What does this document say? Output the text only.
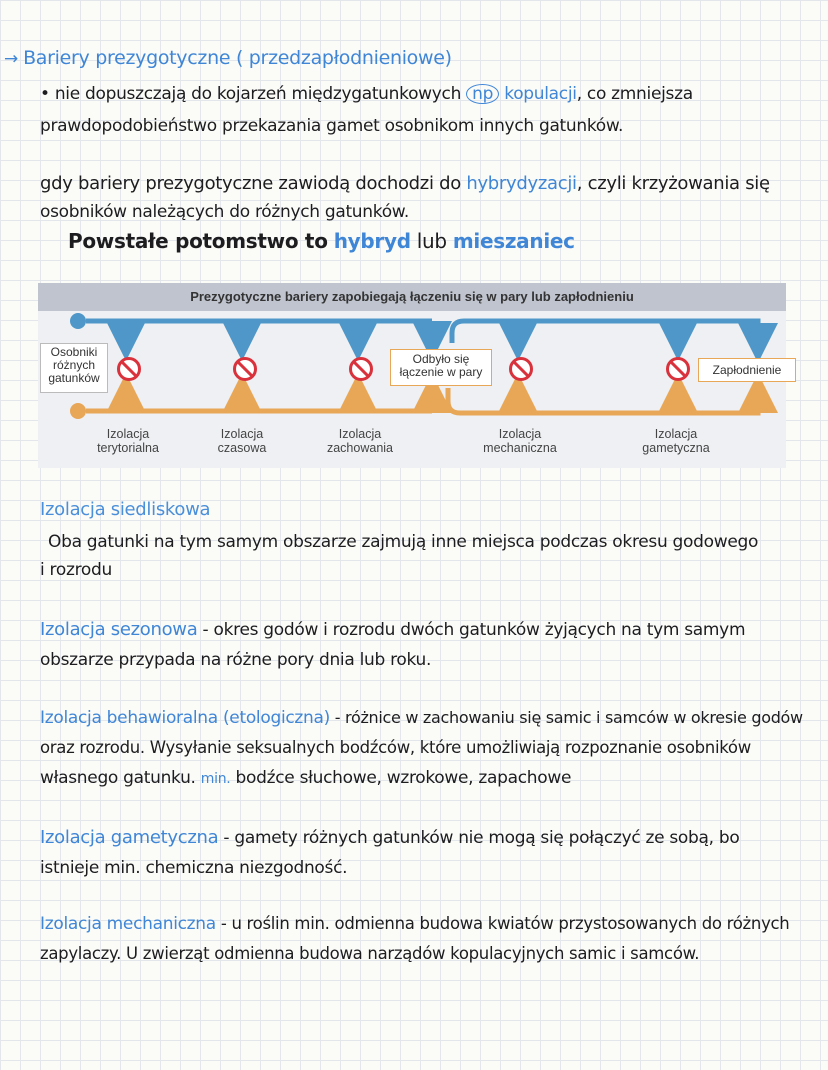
→ Bariery prezygotyczne ( przedzapłodnieniowe)
• nie dopuszczają do kojarzeń międzygatunkowych np kopulacji, co zmniejsza
prawdopodobieństwo przekazania gamet osobnikom innych gatunków.
gdy bariery prezygotyczne zawiodą dochodzi do hybrydyzacji, czyli krzyżowania się
osobników należących do różnych gatunków.
Powstałe potomstwo to hybryd lub mieszaniec
Prezygotyczne bariery zapobiegają łączeniu się w pary lub zapłodnieniu
Osobniki różnych gatunków
Odbyło się łączenie w pary	Zapłodnienie
Izolacja terytorialna
Izolacja czasowa
Izolacja zachowania
Izolacja mechaniczna
Izolacja gametyczna
Izolacja siedliskowa
Oba gatunki na tym samym obszarze zajmują inne miejsca podczas okresu godowego
i rozrodu
Izolacja sezonowa - okres godów i rozrodu dwóch gatunków żyjących na tym samym
obszarze przypada na różne pory dnia lub roku.
Izolacja behawioralna (etologiczna) - różnice w zachowaniu się samic i samców w okresie godów
oraz rozrodu. Wysyłanie seksualnych bodźców, które umożliwiają rozpoznanie osobników
własnego gatunku. min. bodźce słuchowe, wzrokowe, zapachowe
Izolacja gametyczna - gamety różnych gatunków nie mogą się połączyć ze sobą, bo
istnieje min. chemiczna niezgodność.
Izolacja mechaniczna - u roślin min. odmienna budowa kwiatów przystosowanych do różnych
zapylaczy. U zwierząt odmienna budowa narządów kopulacyjnych samic i samców.
